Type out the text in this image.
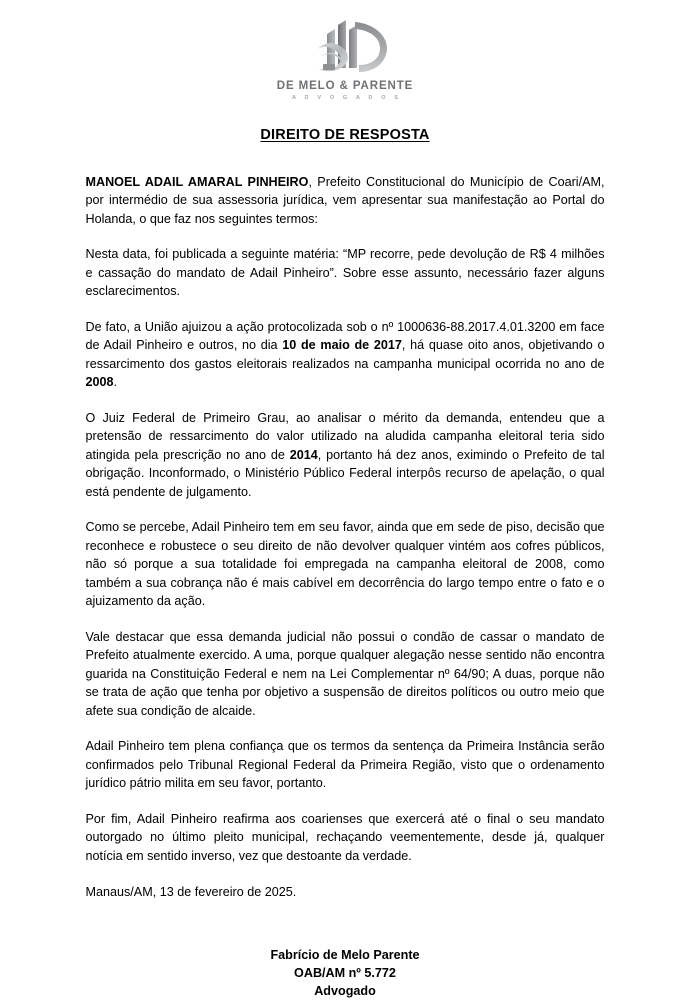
DE MELO & PARENTE
A D V O G A D O S
DIREITO DE RESPOSTA

MANOEL ADAIL AMARAL PINHEIRO, Prefeito Constitucional do Município de Coari/AM, por intermédio de sua assessoria jurídica, vem apresentar sua manifestação ao Portal do Holanda, o que faz nos seguintes termos:

Nesta data, foi publicada a seguinte matéria: “MP recorre, pede devolução de R$ 4 milhões e cassação do mandato de Adail Pinheiro”. Sobre esse assunto, necessário fazer alguns esclarecimentos.

De fato, a União ajuizou a ação protocolizada sob o nº 1000636-88.2017.4.01.3200 em face de Adail Pinheiro e outros, no dia 10 de maio de 2017, há quase oito anos, objetivando o ressarcimento dos gastos eleitorais realizados na campanha municipal ocorrida no ano de 2008.

O Juiz Federal de Primeiro Grau, ao analisar o mérito da demanda, entendeu que a pretensão de ressarcimento do valor utilizado na aludida campanha eleitoral teria sido atingida pela prescrição no ano de 2014, portanto há dez anos, eximindo o Prefeito de tal obrigação. Inconformado, o Ministério Público Federal interpôs recurso de apelação, o qual está pendente de julgamento.

Como se percebe, Adail Pinheiro tem em seu favor, ainda que em sede de piso, decisão que reconhece e robustece o seu direito de não devolver qualquer vintém aos cofres públicos, não só porque a sua totalidade foi empregada na campanha eleitoral de 2008, como também a sua cobrança não é mais cabível em decorrência do largo tempo entre o fato e o ajuizamento da ação.

Vale destacar que essa demanda judicial não possui o condão de cassar o mandato de Prefeito atualmente exercido. A uma, porque qualquer alegação nesse sentido não encontra guarida na Constituição Federal e nem na Lei Complementar nº 64/90; A duas, porque não se trata de ação que tenha por objetivo a suspensão de direitos políticos ou outro meio que afete sua condição de alcaide.

Adail Pinheiro tem plena confiança que os termos da sentença da Primeira Instância serão confirmados pelo Tribunal Regional Federal da Primeira Região, visto que o ordenamento jurídico pátrio milita em seu favor, portanto.

Por fim, Adail Pinheiro reafirma aos coarienses que exercerá até o final o seu mandato outorgado no último pleito municipal, rechaçando veementemente, desde já, qualquer notícia em sentido inverso, vez que destoante da verdade.

Manaus/AM, 13 de fevereiro de 2025.
Fabrício de Melo Parente
OAB/AM nº 5.772
Advogado
